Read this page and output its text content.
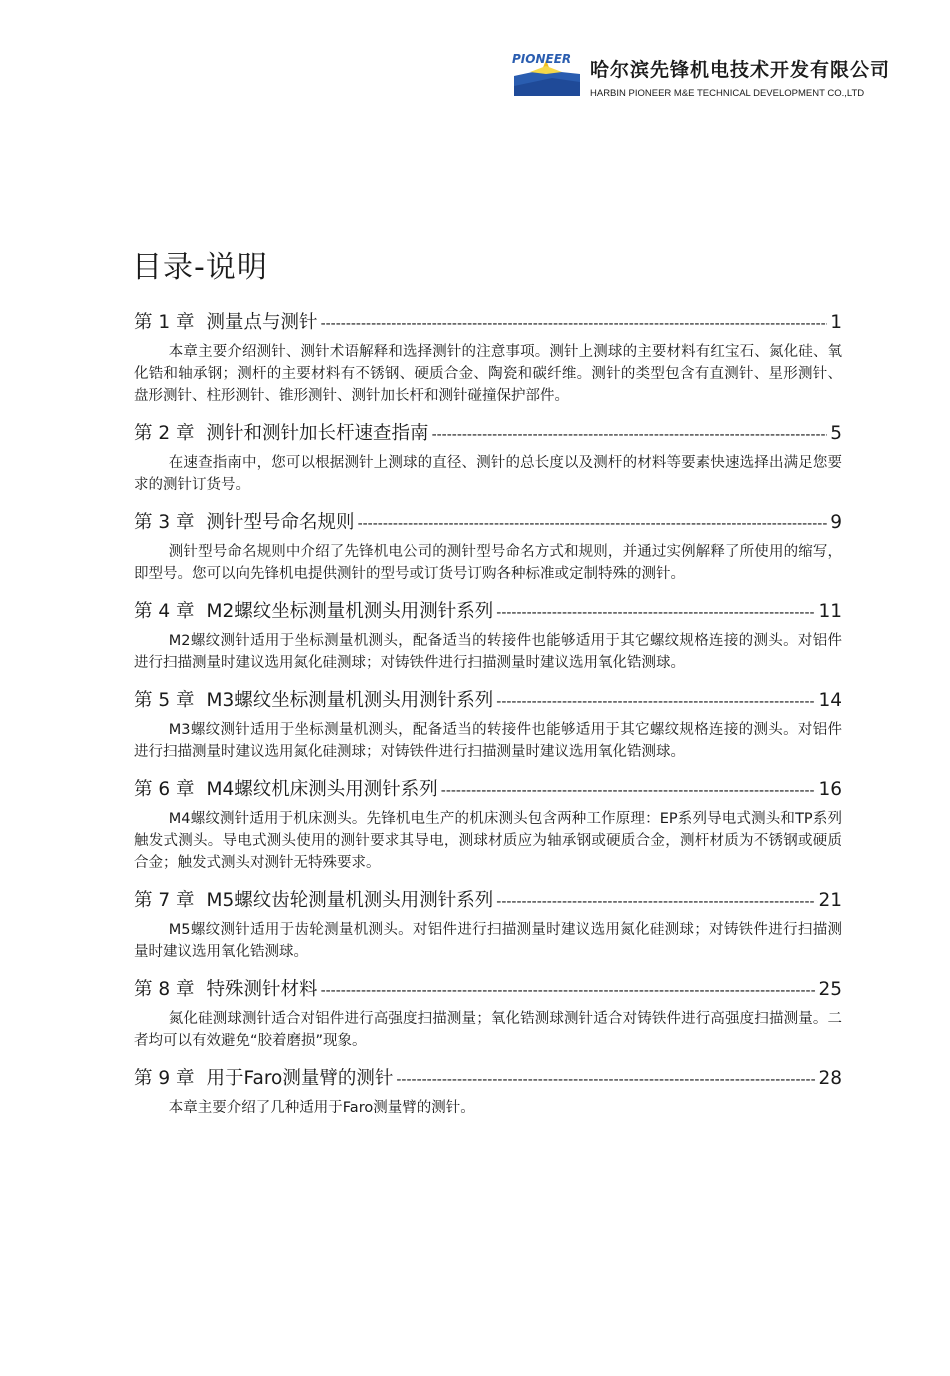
PIONEER 哈尔滨先锋机电技术开发有限公司
HARBIN PIONEER M&E TECHNICAL DEVELOPMENT CO.,LTD
目录-说明
第 1 章 测量点与测针 -----	1
本章主要介绍测针、测针术语解释和选择测针的注意事项。测针上测球的主要材料有红宝石、氮化硅、氧化锆和轴承钢；测杆的主要材料有不锈钢、硬质合金、陶瓷和碳纤维。测针的类型包含有直测针、星形测针、盘形测针、柱形测针、锥形测针、测针加长杆和测针碰撞保护部件。
第 2 章 测针和测针加长杆速查指南 -----	5
在速查指南中，您可以根据测针上测球的直径、测针的总长度以及测杆的材料等要素快速选择出满足您要求的测针订货号。
第 3 章 测针型号命名规则 -----	9
测针型号命名规则中介绍了先锋机电公司的测针型号命名方式和规则，并通过实例解释了所使用的缩写，即型号。您可以向先锋机电提供测针的型号或订货号订购各种标准或定制特殊的测针。
第 4 章 M2螺纹坐标测量机测头用测针系列 -----	11
M2螺纹测针适用于坐标测量机测头，配备适当的转接件也能够适用于其它螺纹规格连接的测头。对铝件进行扫描测量时建议选用氮化硅测球；对铸铁件进行扫描测量时建议选用氧化锆测球。
第 5 章 M3螺纹坐标测量机测头用测针系列 -----	14
M3螺纹测针适用于坐标测量机测头，配备适当的转接件也能够适用于其它螺纹规格连接的测头。对铝件进行扫描测量时建议选用氮化硅测球；对铸铁件进行扫描测量时建议选用氧化锆测球。
第 6 章 M4螺纹机床测头用测针系列 -----	16
M4螺纹测针适用于机床测头。先锋机电生产的机床测头包含两种工作原理：EP系列导电式测头和TP系列触发式测头。导电式测头使用的测针要求其导电，测球材质应为轴承钢或硬质合金，测杆材质为不锈钢或硬质合金；触发式测头对测针无特殊要求。
第 7 章 M5螺纹齿轮测量机测头用测针系列 -----	21
M5螺纹测针适用于齿轮测量机测头。对铝件进行扫描测量时建议选用氮化硅测球；对铸铁件进行扫描测量时建议选用氧化锆测球。
第 8 章 特殊测针材料 -----	25
氮化硅测球测针适合对铝件进行高强度扫描测量；氧化锆测球测针适合对铸铁件进行高强度扫描测量。二者均可以有效避免“胶着磨损”现象。
第 9 章 用于Faro测量臂的测针 -----	28
本章主要介绍了几种适用于Faro测量臂的测针。
